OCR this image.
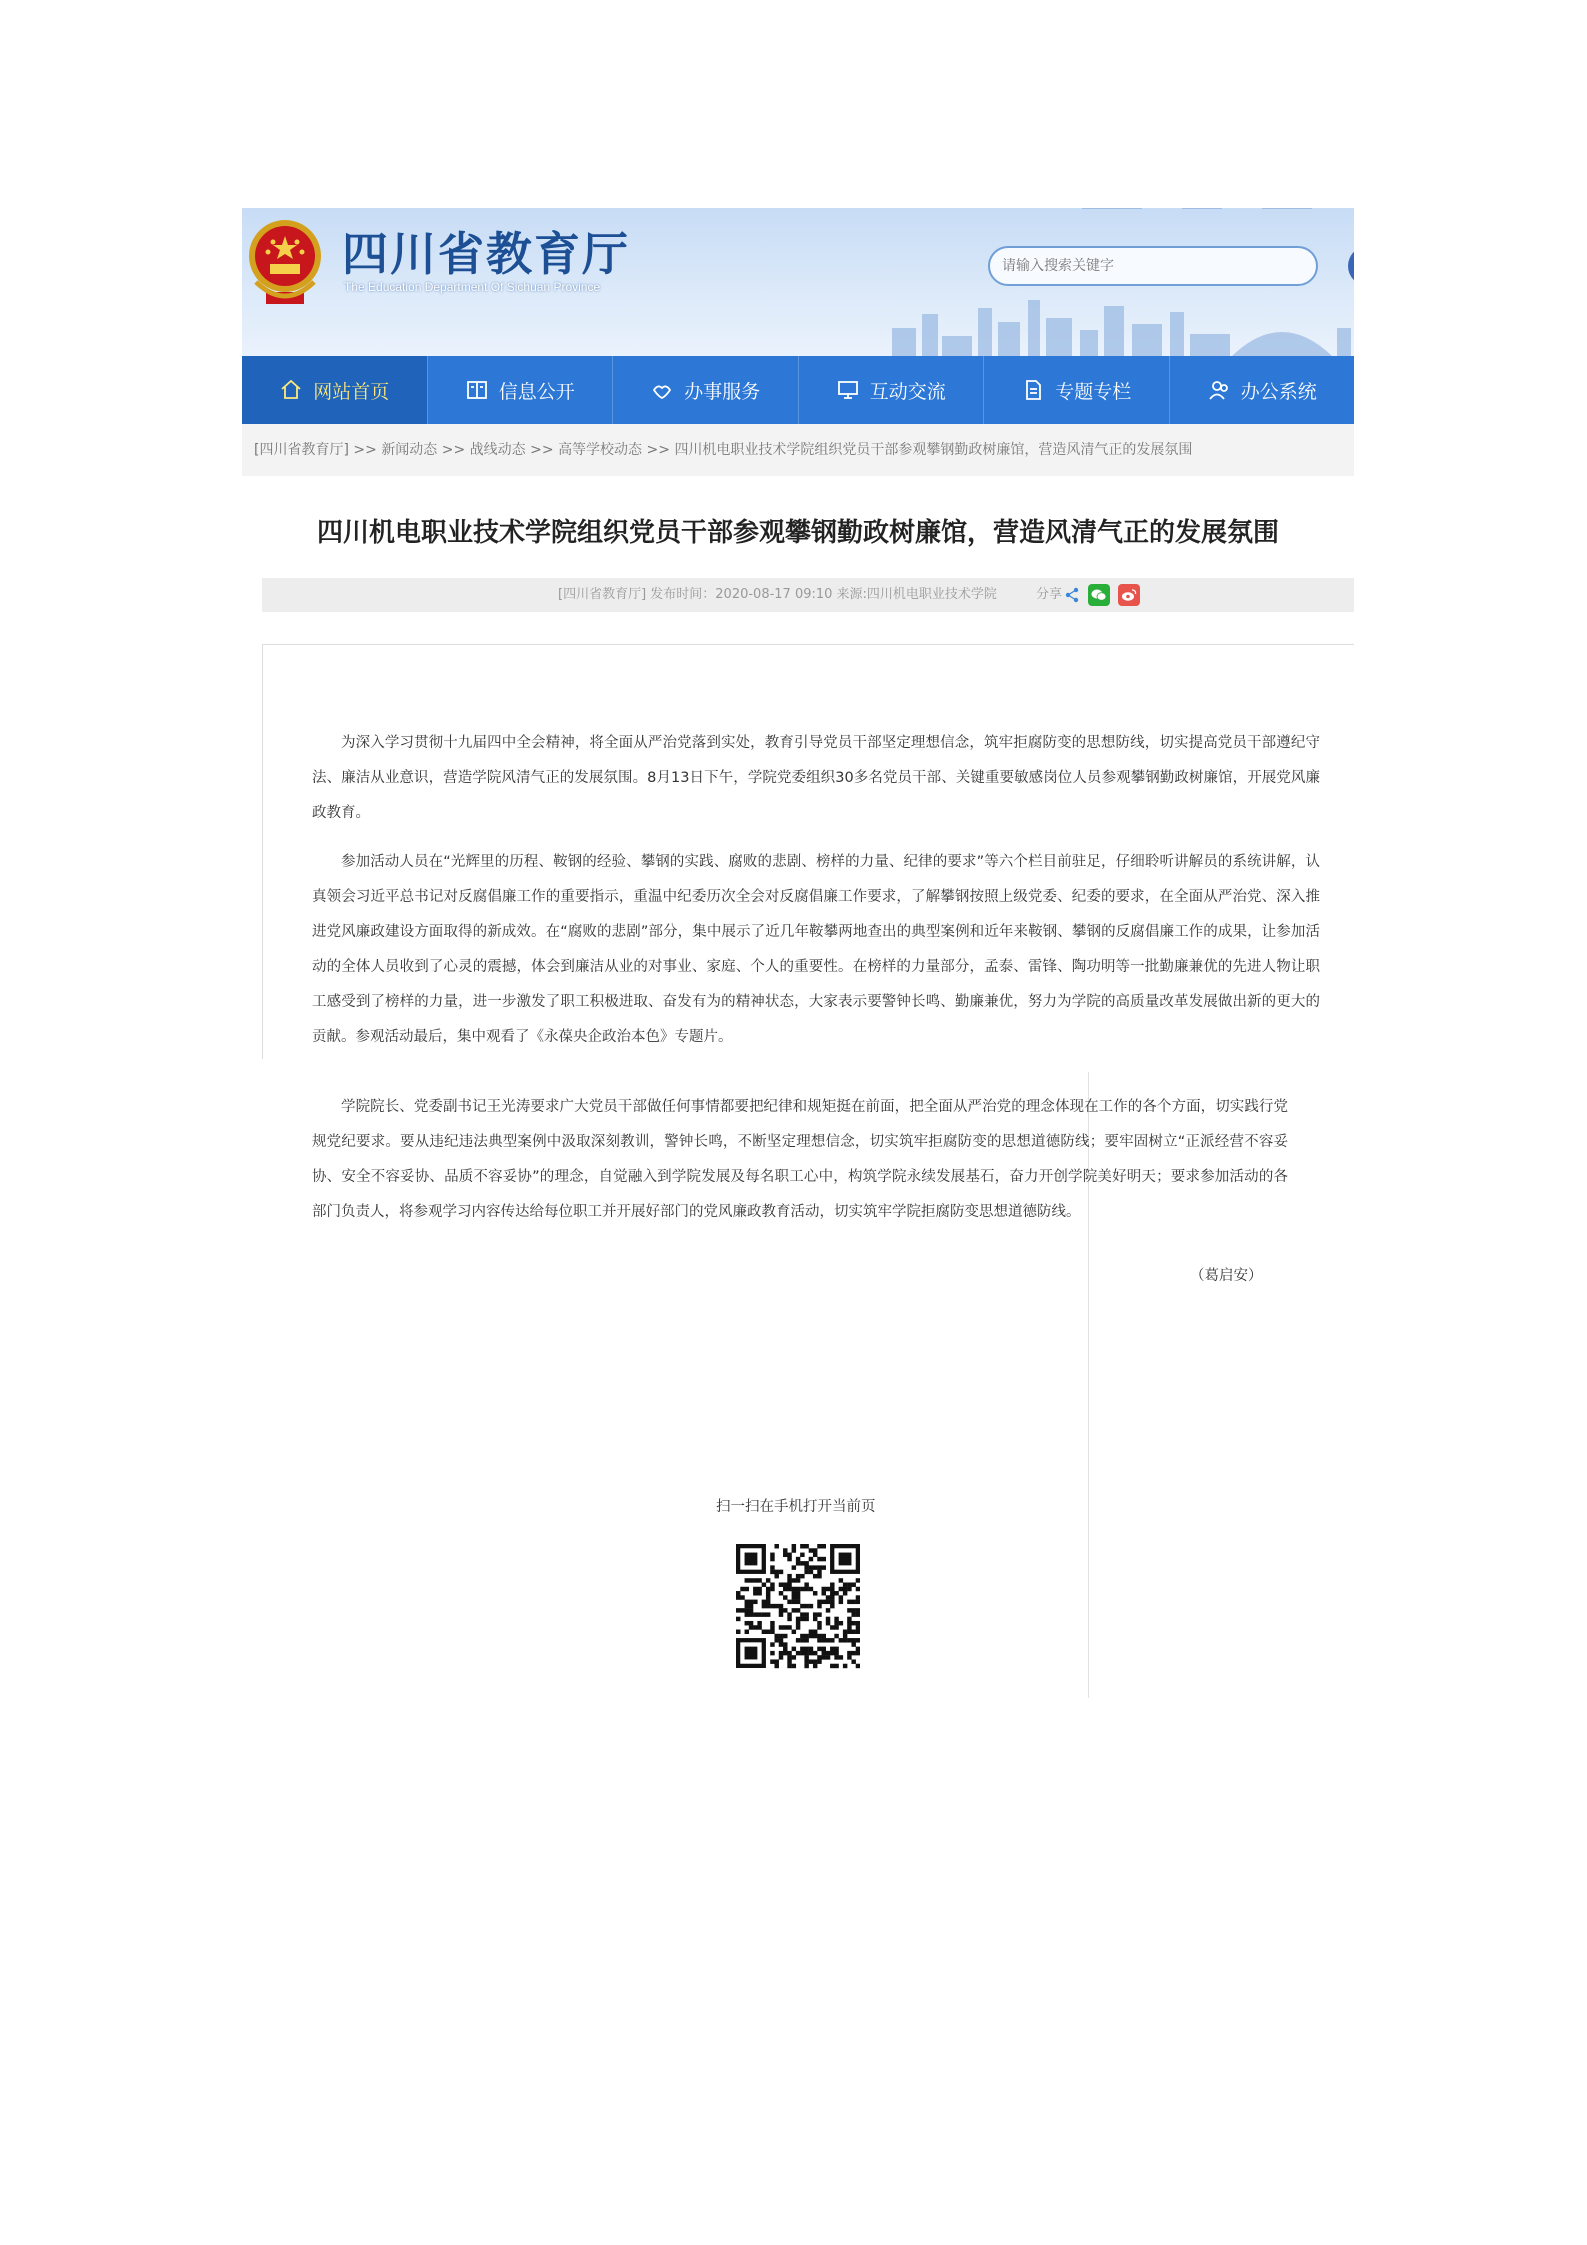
四川省教育厅
The Education Department Of Sichuan Province
请输入搜索关键字
网站首页	信息公开	办事服务	互动交流	专题专栏	办公系统
[四川省教育厅] >> 新闻动态 >> 战线动态 >> 高等学校动态 >> 四川机电职业技术学院组织党员干部参观攀钢勤政树廉馆，营造风清气正的发展氛围
四川机电职业技术学院组织党员干部参观攀钢勤政树廉馆，营造风清气正的发展氛围
[四川省教育厅] 发布时间：2020-08-17 09:10 来源:四川机电职业技术学院	分享
为深入学习贯彻十九届四中全会精神，将全面从严治党落到实处，教育引导党员干部坚定理想信念，筑牢拒腐防变的思想防线，切实提高党员干部遵纪守法、廉洁从业意识，营造学院风清气正的发展氛围。8月13日下午，学院党委组织30多名党员干部、关键重要敏感岗位人员参观攀钢勤政树廉馆，开展党风廉政教育。
参加活动人员在“光辉里的历程、鞍钢的经验、攀钢的实践、腐败的悲剧、榜样的力量、纪律的要求”等六个栏目前驻足，仔细聆听讲解员的系统讲解，认真领会习近平总书记对反腐倡廉工作的重要指示，重温中纪委历次全会对反腐倡廉工作要求，了解攀钢按照上级党委、纪委的要求，在全面从严治党、深入推进党风廉政建设方面取得的新成效。在“腐败的悲剧”部分，集中展示了近几年鞍攀两地查出的典型案例和近年来鞍钢、攀钢的反腐倡廉工作的成果，让参加活动的全体人员收到了心灵的震撼，体会到廉洁从业的对事业、家庭、个人的重要性。在榜样的力量部分，孟泰、雷锋、陶功明等一批勤廉兼优的先进人物让职工感受到了榜样的力量，进一步激发了职工积极进取、奋发有为的精神状态，大家表示要警钟长鸣、勤廉兼优，努力为学院的高质量改革发展做出新的更大的贡献。参观活动最后，集中观看了《永葆央企政治本色》专题片。
学院院长、党委副书记王光涛要求广大党员干部做任何事情都要把纪律和规矩挺在前面，把全面从严治党的理念体现在工作的各个方面，切实践行党规党纪要求。要从违纪违法典型案例中汲取深刻教训，警钟长鸣，不断坚定理想信念，切实筑牢拒腐防变的思想道德防线；要牢固树立“正派经营不容妥协、安全不容妥协、品质不容妥协”的理念，自觉融入到学院发展及每名职工心中，构筑学院永续发展基石，奋力开创学院美好明天；要求参加活动的各部门负责人，将参观学习内容传达给每位职工并开展好部门的党风廉政教育活动，切实筑牢学院拒腐防变思想道德防线。
（葛启安）
扫一扫在手机打开当前页
